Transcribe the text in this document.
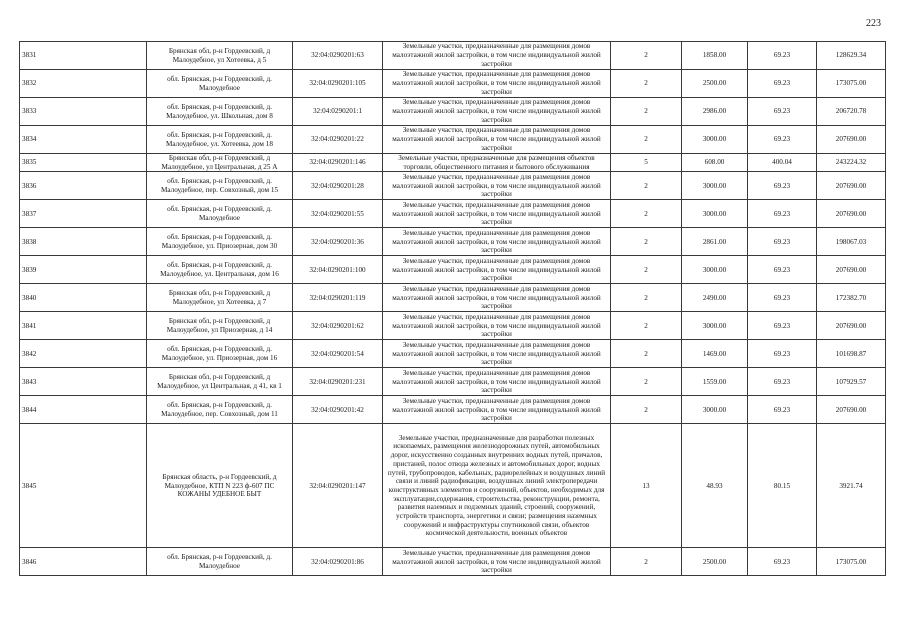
223
3831	Брянская обл, р-н Гордеевский, д Малоудебное, ул Хотеевка, д 5	32:04:0290201:63	Земельные участки, предназначенные для размещения домов малоэтажной жилой застройки, в том числе индивидуальной жилой застройки	2	1858.00	69.23	128629.34
3832	обл. Брянская, р-н Гордеевский, д. Малоудебное	32:04:0290201:105	Земельные участки, предназначенные для размещения домов малоэтажной жилой застройки, в том числе индивидуальной жилой застройки	2	2500.00	69.23	173075.00
3833	обл. Брянская, р-н Гордеевский, д. Малоудебное, ул. Школьная, дом 8	32:04:0290201:1	Земельные участки, предназначенные для размещения домов малоэтажной жилой застройки, в том числе индивидуальной жилой застройки	2	2986.00	69.23	206720.78
3834	обл. Брянская, р-н Гордеевский, д. Малоудебное, ул. Хотеевка, дом 18	32:04:0290201:22	Земельные участки, предназначенные для размещения домов малоэтажной жилой застройки, в том числе индивидуальной жилой застройки	2	3000.00	69.23	207690.00
3835	Брянская обл, р-н Гордеевский, д Малоудебное, ул Центральная, д 25 А	32:04:0290201:146	Земельные участки, предназначенные для размещения объектов торговли, общественного питания и бытового обслуживания	5	608.00	400.04	243224.32
3836	обл. Брянская, р-н Гордеевский, д. Малоудебное, пер. Совхозный, дом 15	32:04:0290201:28	Земельные участки, предназначенные для размещения домов малоэтажной жилой застройки, в том числе индивидуальной жилой застройки	2	3000.00	69.23	207690.00
3837	обл. Брянская, р-н Гордеевский, д. Малоудебное	32:04:0290201:55	Земельные участки, предназначенные для размещения домов малоэтажной жилой застройки, в том числе индивидуальной жилой застройки	2	3000.00	69.23	207690.00
3838	обл. Брянская, р-н Гордеевский, д. Малоудебное, ул. Приозерная, дом 30	32:04:0290201:36	Земельные участки, предназначенные для размещения домов малоэтажной жилой застройки, в том числе индивидуальной жилой застройки	2	2861.00	69.23	198067.03
3839	обл. Брянская, р-н Гордеевский, д. Малоудебное, ул. Центральная, дом 16	32:04:0290201:100	Земельные участки, предназначенные для размещения домов малоэтажной жилой застройки, в том числе индивидуальной жилой застройки	2	3000.00	69.23	207690.00
3840	Брянская обл, р-н Гордеевский, д Малоудебное, ул Хотеевка, д 7	32:04:0290201:119	Земельные участки, предназначенные для размещения домов малоэтажной жилой застройки, в том числе индивидуальной жилой застройки	2	2490.00	69.23	172382.70
3841	Брянская обл, р-н Гордеевский, д Малоудебное, ул Приозерная, д 14	32:04:0290201:62	Земельные участки, предназначенные для размещения домов малоэтажной жилой застройки, в том числе индивидуальной жилой застройки	2	3000.00	69.23	207690.00
3842	обл. Брянская, р-н Гордеевский, д. Малоудебное, ул. Приозерная, дом 16	32:04:0290201:54	Земельные участки, предназначенные для размещения домов малоэтажной жилой застройки, в том числе индивидуальной жилой застройки	2	1469.00	69.23	101698.87
3843	Брянская обл, р-н Гордеевский, д Малоудебное, ул Центральная, д 41, кв 1	32:04:0290201:231	Земельные участки, предназначенные для размещения домов малоэтажной жилой застройки, в том числе индивидуальной жилой застройки	2	1559.00	69.23	107929.57
3844	обл. Брянская, р-н Гордеевский, д. Малоудебное, пер. Совхозный, дом 11	32:04:0290201:42	Земельные участки, предназначенные для размещения домов малоэтажной жилой застройки, в том числе индивидуальной жилой застройки	2	3000.00	69.23	207690.00
3845	Брянская область, р-н Гордеевский, д Малоудебное, КТП N 223 ф-607 ПС КОЖАНЫ УДЕБНОЕ БЫТ	32:04:0290201:147	Земельные участки, предназначенные для разработки полезных ископаемых, размещения железнодорожных путей, автомобильных дорог, искусственно созданных внутренних водных путей, причалов, пристаней, полос отвода железных и автомобильных дорог, водных путей, трубопроводов, кабельных, радиорелейных и воздушных линий связи и линий радиофикации, воздушных линий электропередачи конструктивных элементов и сооружений, объектов, необходимых для эксплуатации,содержания, строительства, реконструкции, ремонта, развития наземных и подземных зданий, строений, сооружений, устройств транспорта, энергетики и связи; размещения наземных сооружений и инфраструктуры спутниковой связи, объектов космической деятельности, военных объектов	13	48.93	80.15	3921.74
3846	обл. Брянская, р-н Гордеевский, д. Малоудебное	32:04:0290201:86	Земельные участки, предназначенные для размещения домов малоэтажной жилой застройки, в том числе индивидуальной жилой застройки	2	2500.00	69.23	173075.00
